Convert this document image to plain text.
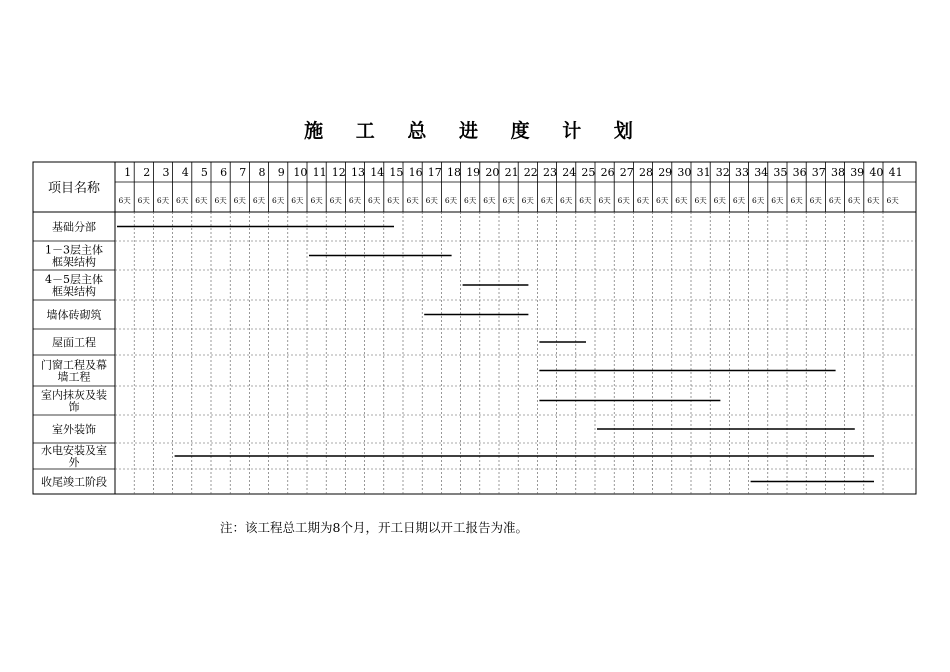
施 工 总 进 度 计 划
项目名称
1
6天
2
6天
3
6天
4
6天
5
6天
6
6天
7
6天
8
6天
9
6天
10
6天
11
6天
12
6天
13
6天
14
6天
15
6天
16
6天
17
6天
18
6天
19
6天
20
6天
21
6天
22
6天
23
6天
24
6天
25
6天
26
6天
27
6天
28
6天
29
6天
30
6天
31
6天
32
6天
33
6天
34
6天
35
6天
36
6天
37
6天
38
6天
39
6天
40
6天
41
6天
基础分部
1－3层主体
框架结构
4－5层主体
框架结构
墙体砖砌筑
屋面工程
门窗工程及幕
墙工程
室内抹灰及装
饰
室外装饰
水电安装及室
外
收尾竣工阶段
注：该工程总工期为8个月，开工日期以开工报告为准。
